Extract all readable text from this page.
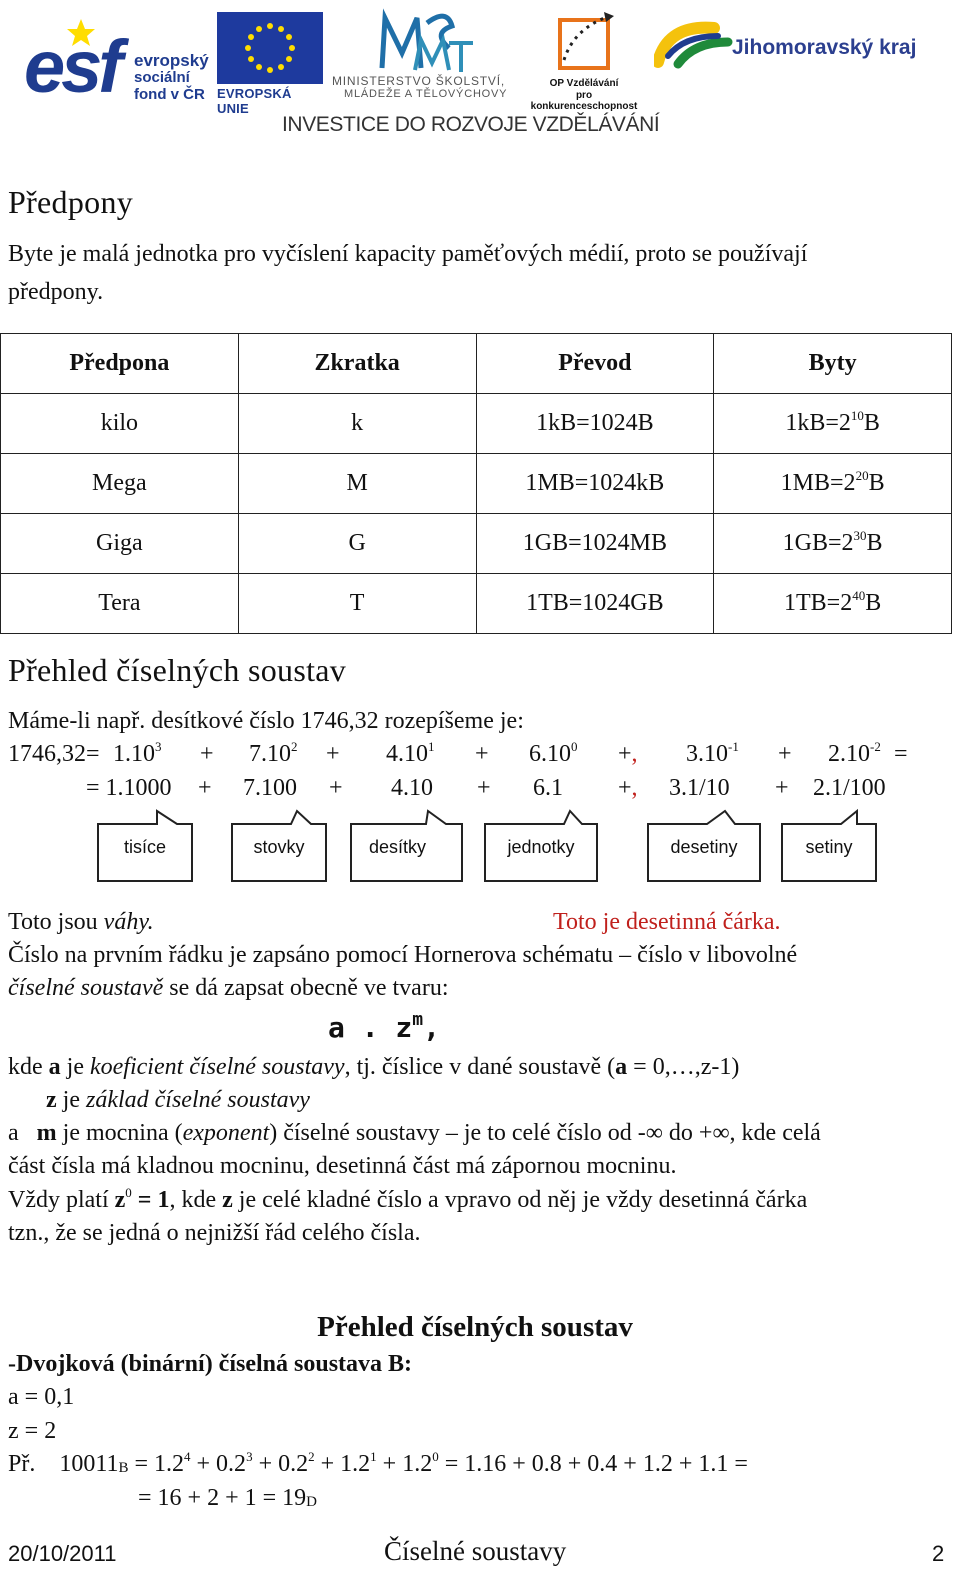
esf evropský
sociální
fond v ČR EVROPSKÁ UNIE
MINISTERSTVO ŠKOLSTVÍ,
MLÁDEŽE A TĚLOVÝCHOVY
OP Vzdělávání
pro konkurenceschopnost
Jihomoravský kraj
INVESTICE DO ROZVOJE VZDĚLÁVÁNÍ
Předpony
Byte je malá jednotka pro vyčíslení kapacity paměťových médií, proto se používají
předpony.
Předpona	Zkratka	Převod	Byty
kilo	k	1kB=1024B	$1kB=2^{10}B$
Mega	M	1MB=1024kB	$1MB=2^{20}B$
Giga	G	1GB=1024MB	$1GB=2^{30}B$
Tera	T	1TB=1024GB	$1TB=2^{40}B$
Přehled číselných soustav
Máme-li např. desítkové číslo 1746,32 rozepíšeme je:
$1746,32= 1.10^3 + 7.10^2 + 4.10^1 + 6.10^0$ +, $3.10^{-1} + 2.10^{-2}$ =
= 1.1000 + 7.100 + 4.10 + 6.1 +, 3.1/10 + 2.1/100
tisíce	stovky	desítky	jednotky	desetiny	setiny
Toto jsou váhy.	Toto je desetinná čárka.
Číslo na prvním řádku je zapsáno pomocí Hornerova schématu – číslo v libovolné
číselné soustavě se dá zapsat obecně ve tvaru:
a . $z^m$,
kde a je koeficient číselné soustavy, tj. číslice v dané soustavě (a = 0,…,z-1)
z je základ číselné soustavy
a m je mocnina (exponent) číselné soustavy – je to celé číslo od -∞ do +∞, kde celá
část čísla má kladnou mocninu, desetinná část má zápornou mocninu.
Vždy platí $z^0 = 1$, kde z je celé kladné číslo a vpravo od něj je vždy desetinná čárka
tzn., že se jedná o nejnižší řád celého čísla.
Přehled číselných soustav
-Dvojková (binární) číselná soustava B:
a = 0,1
z = 2
Př. $10011_B = 1.2^4 + 0.2^3 + 0.2^2 + 1.2^1 + 1.2^0 = 1.16 + 0.8 + 0.4 + 1.2 + 1.1$ =
= $16 + 2 + 1 = 19_D$
20/10/2011	Číselné soustavy	2
